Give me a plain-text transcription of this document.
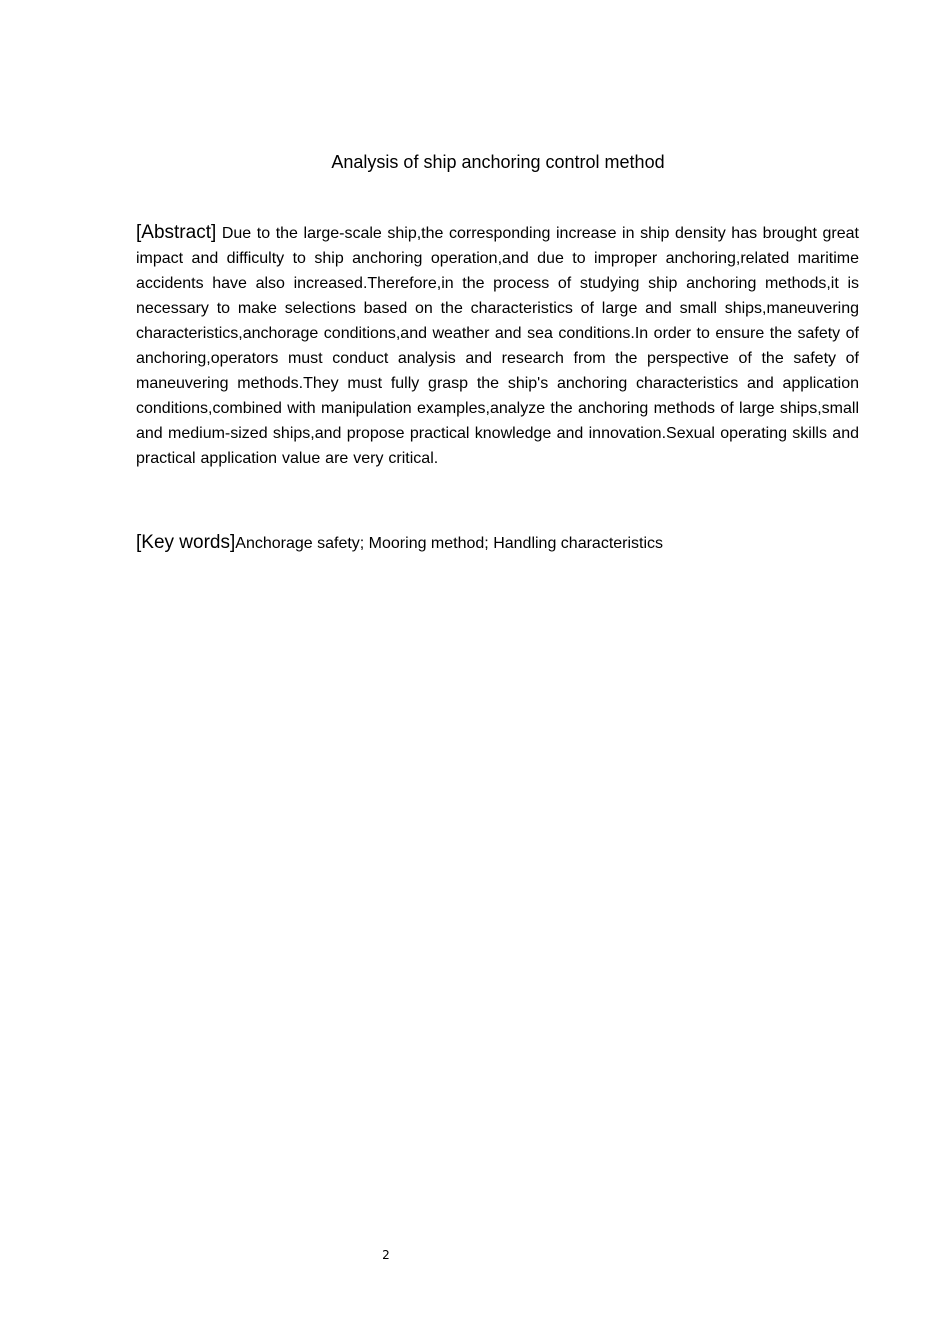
Analysis of ship anchoring control method
[Abstract] Due to the large-scale ship,the corresponding increase in ship density has brought great impact and difficulty to ship anchoring operation,and due to improper anchoring,related maritime accidents have also increased.Therefore,in the process of studying ship anchoring methods,it is necessary to make selections based on the characteristics of large and small ships,maneuvering characteristics,anchorage conditions,and weather and sea conditions.In order to ensure the safety of anchoring,operators must conduct analysis and research from the perspective of the safety of maneuvering methods.They must fully grasp the ship's anchoring characteristics and application conditions,combined with manipulation examples,analyze the anchoring methods of large ships,small and medium-sized ships,and propose practical knowledge and innovation.Sexual operating skills and practical application value are very critical.
[Key words]Anchorage safety; Mooring method; Handling characteristics
2
